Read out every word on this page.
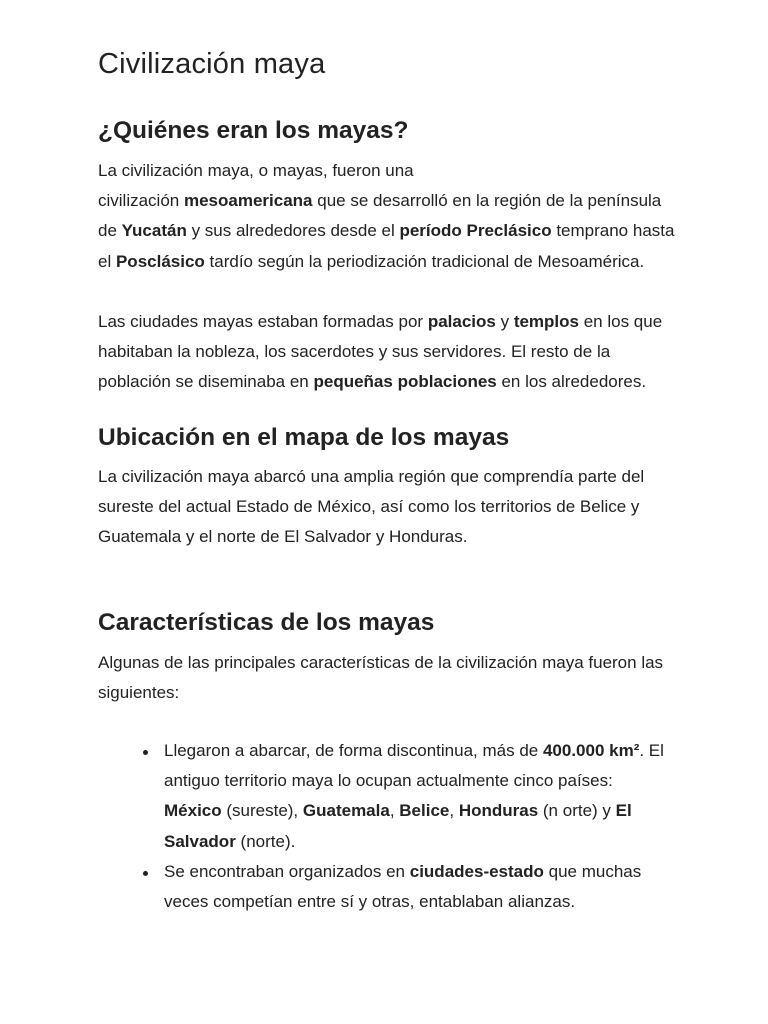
Civilización maya
¿Quiénes eran los mayas?

La civilización maya, o mayas, fueron una
civilización mesoamericana que se desarrolló en la región de la península de Yucatán y sus alrededores desde el período Preclásico temprano hasta el Posclásico tardío según la periodización tradicional de Mesoamérica.

Las ciudades mayas estaban formadas por palacios y templos en los que habitaban la nobleza, los sacerdotes y sus servidores. El resto de la población se diseminaba en pequeñas poblaciones en los alrededores.

Ubicación en el mapa de los mayas

La civilización maya abarcó una amplia región que comprendía parte del sureste del actual Estado de México, así como los territorios de Belice y Guatemala y el norte de El Salvador y Honduras.

Características de los mayas

Algunas de las principales características de la civilización maya fueron las siguientes:

Llegaron a abarcar, de forma discontinua, más de 400.000 km². El antiguo territorio maya lo ocupan actualmente cinco países: México (sureste), Guatemala, Belice, Honduras (n orte) y El Salvador (norte).
Se encontraban organizados en ciudades-estado que muchas veces competían entre sí y otras, entablaban alianzas.
